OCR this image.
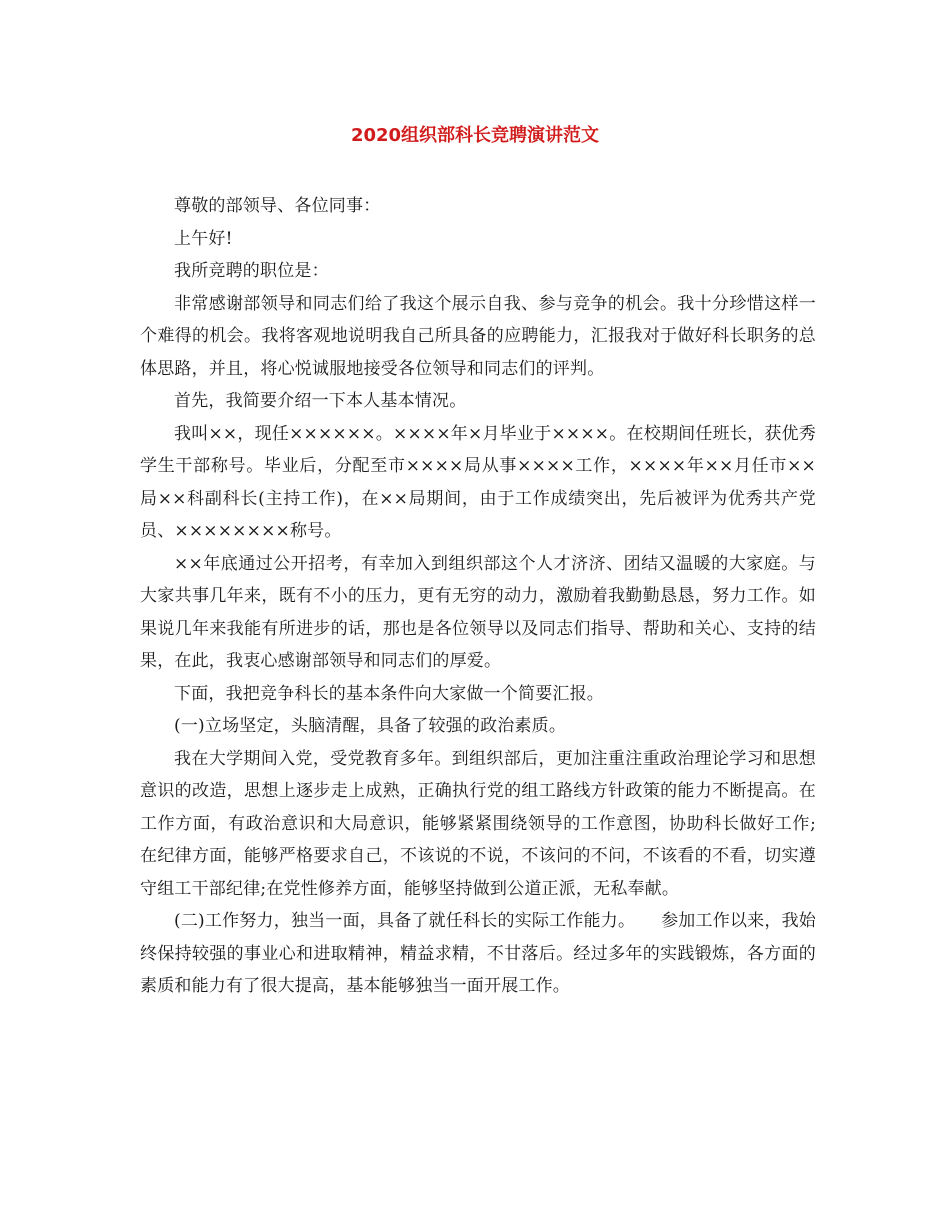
2020组织部科长竞聘演讲范文

尊敬的部领导、各位同事：

上午好!

我所竞聘的职位是：

非常感谢部领导和同志们给了我这个展示自我、参与竞争的机会。我十分珍惜这样一个难得的机会。我将客观地说明我自己所具备的应聘能力，汇报我对于做好科长职务的总体思路，并且，将心悦诚服地接受各位领导和同志们的评判。

首先，我简要介绍一下本人基本情况。

我叫××，现任××××××。××××年×月毕业于××××。在校期间任班长，获优秀学生干部称号。毕业后，分配至市××××局从事××××工作，××××年××月任市××局××科副科长(主持工作)，在××局期间，由于工作成绩突出，先后被评为优秀共产党员、××××××××称号。

××年底通过公开招考，有幸加入到组织部这个人才济济、团结又温暖的大家庭。与大家共事几年来，既有不小的压力，更有无穷的动力，激励着我勤勤恳恳，努力工作。如果说几年来我能有所进步的话，那也是各位领导以及同志们指导、帮助和关心、支持的结果，在此，我衷心感谢部领导和同志们的厚爱。

下面，我把竞争科长的基本条件向大家做一个简要汇报。

(一)立场坚定，头脑清醒，具备了较强的政治素质。

我在大学期间入党，受党教育多年。到组织部后，更加注重注重政治理论学习和思想意识的改造，思想上逐步走上成熟，正确执行党的组工路线方针政策的能力不断提高。在工作方面，有政治意识和大局意识，能够紧紧围绕领导的工作意图，协助科长做好工作;在纪律方面，能够严格要求自己，不该说的不说，不该问的不问，不该看的不看，切实遵守组工干部纪律;在党性修养方面，能够坚持做到公道正派，无私奉献。

(二)工作努力，独当一面，具备了就任科长的实际工作能力。　　参加工作以来，我始终保持较强的事业心和进取精神，精益求精，不甘落后。经过多年的实践锻炼，各方面的素质和能力有了很大提高，基本能够独当一面开展工作。
